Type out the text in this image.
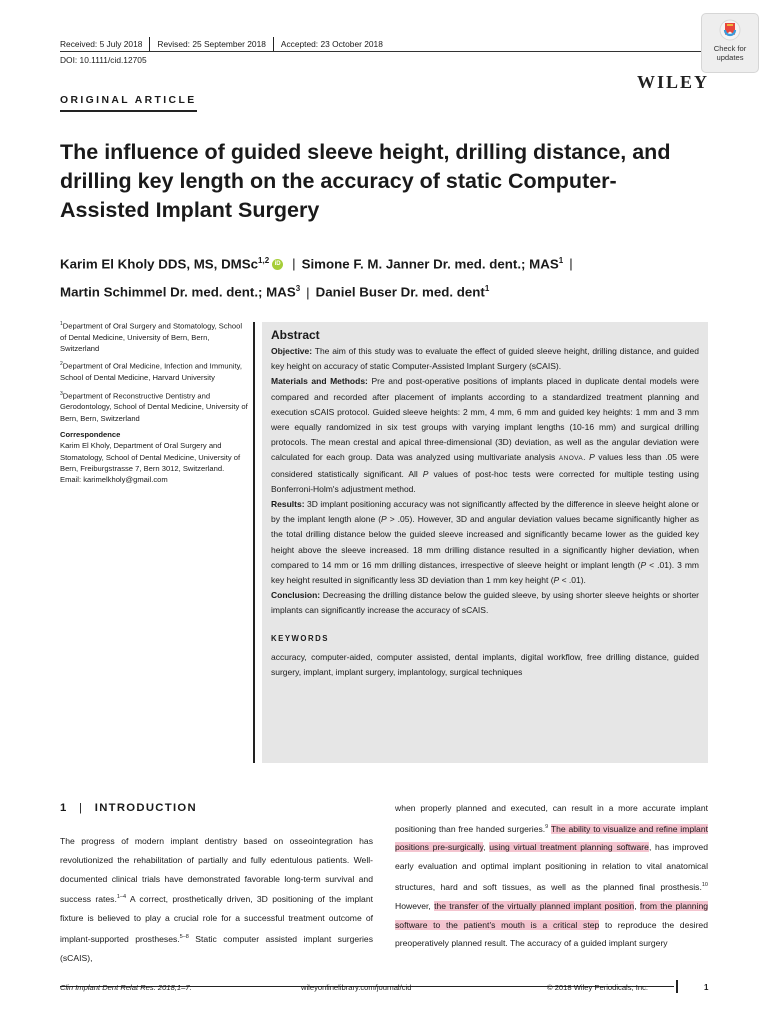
Received: 5 July 2018 Revised: 25 September 2018 Accepted: 23 October 2018
DOI: 10.1111/cid.12705
Check for
updates
WILEY
ORIGINAL ARTICLE
The influence of guided sleeve height, drilling distance, and drilling key length on the accuracy of static Computer-Assisted Implant Surgery
Karim El Kholy DDS, MS, DMSc$^{1,2}$ iD | Simone F. M. Janner Dr. med. dent.; MAS$^1$ |
Martin Schimmel Dr. med. dent.; MAS$^3$ | Daniel Buser Dr. med. dent$^1$

$^1$Department of Oral Surgery and Stomatology, School of Dental Medicine, University of Bern, Bern, Switzerland

$^2$Department of Oral Medicine, Infection and Immunity, School of Dental Medicine, Harvard University

$^3$Department of Reconstructive Dentistry and Gerodontology, School of Dental Medicine, University of Bern, Bern, Switzerland

Correspondence

Karim El Kholy, Department of Oral Surgery and Stomatology, School of Dental Medicine, University of Bern, Freiburgstrasse 7, Bern 3012, Switzerland.

Email: karimelkholy@gmail.com

Abstract

Objective: The aim of this study was to evaluate the effect of guided sleeve height, drilling distance, and guided key height on accuracy of static Computer-Assisted Implant Surgery (sCAIS).

Materials and Methods: Pre and post-operative positions of implants placed in duplicate dental models were compared and recorded after placement of implants according to a standardized treatment planning and execution sCAIS protocol. Guided sleeve heights: 2 mm, 4 mm, 6 mm and guided key heights: 1 mm and 3 mm were equally randomized in six test groups with varying implant lengths (10-16 mm) and surgical drilling protocols. The mean crestal and apical three-dimensional (3D) deviation, as well as the angular deviation were calculated for each group. Data was analyzed using multivariate analysis ANOVA. P values less than .05 were considered statistically significant. All P values of post-hoc tests were corrected for multiple testing using Bonferroni-Holm's adjustment method.

Results: 3D implant positioning accuracy was not significantly affected by the difference in sleeve height alone or by the implant length alone (P > .05). However, 3D and angular deviation values became significantly higher as the total drilling distance below the guided sleeve increased and significantly became lower as the guided key height above the sleeve increased. 18 mm drilling distance resulted in a significantly higher deviation, when compared to 14 mm or 16 mm drilling distances, irrespective of sleeve height or implant length (P < .01). 3 mm key height resulted in significantly less 3D deviation than 1 mm key height (P < .01).

Conclusion: Decreasing the drilling distance below the guided sleeve, by using shorter sleeve heights or shorter implants can significantly increase the accuracy of sCAIS.

KEYWORDS
accuracy, computer-aided, computer assisted, dental implants, digital workflow, free drilling distance, guided surgery, implant, implant surgery, implantology, surgical techniques
1 | INTRODUCTION

The progress of modern implant dentistry based on osseointegration has revolutionized the rehabilitation of partially and fully edentulous patients. Well-documented clinical trials have demonstrated favorable long-term survival and success rates.$^{1-4}$ A correct, prosthetically driven, 3D positioning of the implant fixture is believed to play a crucial role for a successful treatment outcome of implant-supported prostheses.$^{5-8}$ Static computer assisted implant surgeries (sCAIS),

when properly planned and executed, can result in a more accurate implant positioning than free handed surgeries.$^9$ The ability to visualize and refine implant positions pre-surgically, using virtual treatment planning software, has improved early evaluation and optimal implant positioning in relation to vital anatomical structures, hard and soft tissues, as well as the planned final prosthesis.$^{10}$ However, the transfer of the virtually planned implant position, from the planning software to the patient's mouth is a critical step to reproduce the desired preoperatively planned result. The accuracy of a guided implant surgery

Clin Implant Dent Relat Res. 2018;1–7.	wileyonlinelibrary.com/journal/cid	© 2018 Wiley Periodicals, Inc.	1
